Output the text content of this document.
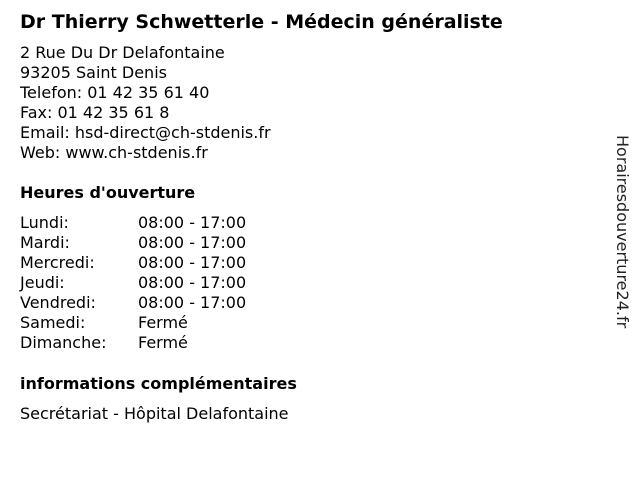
Dr Thierry Schwetterle - Médecin généraliste
2 Rue Du Dr Delafontaine
93205 Saint Denis
Telefon: 01 42 35 61 40
Fax: 01 42 35 61 8
Email: hsd-direct@ch-stdenis.fr
Web: www.ch-stdenis.fr
Heures d'ouverture
Lundi:	08:00 - 17:00
Mardi:	08:00 - 17:00
Mercredi:	08:00 - 17:00
Jeudi:	08:00 - 17:00
Vendredi:	08:00 - 17:00
Samedi:	Fermé
Dimanche: Fermé
informations complémentaires
Secrétariat - Hôpital Delafontaine
Horairesdouverture24.fr
